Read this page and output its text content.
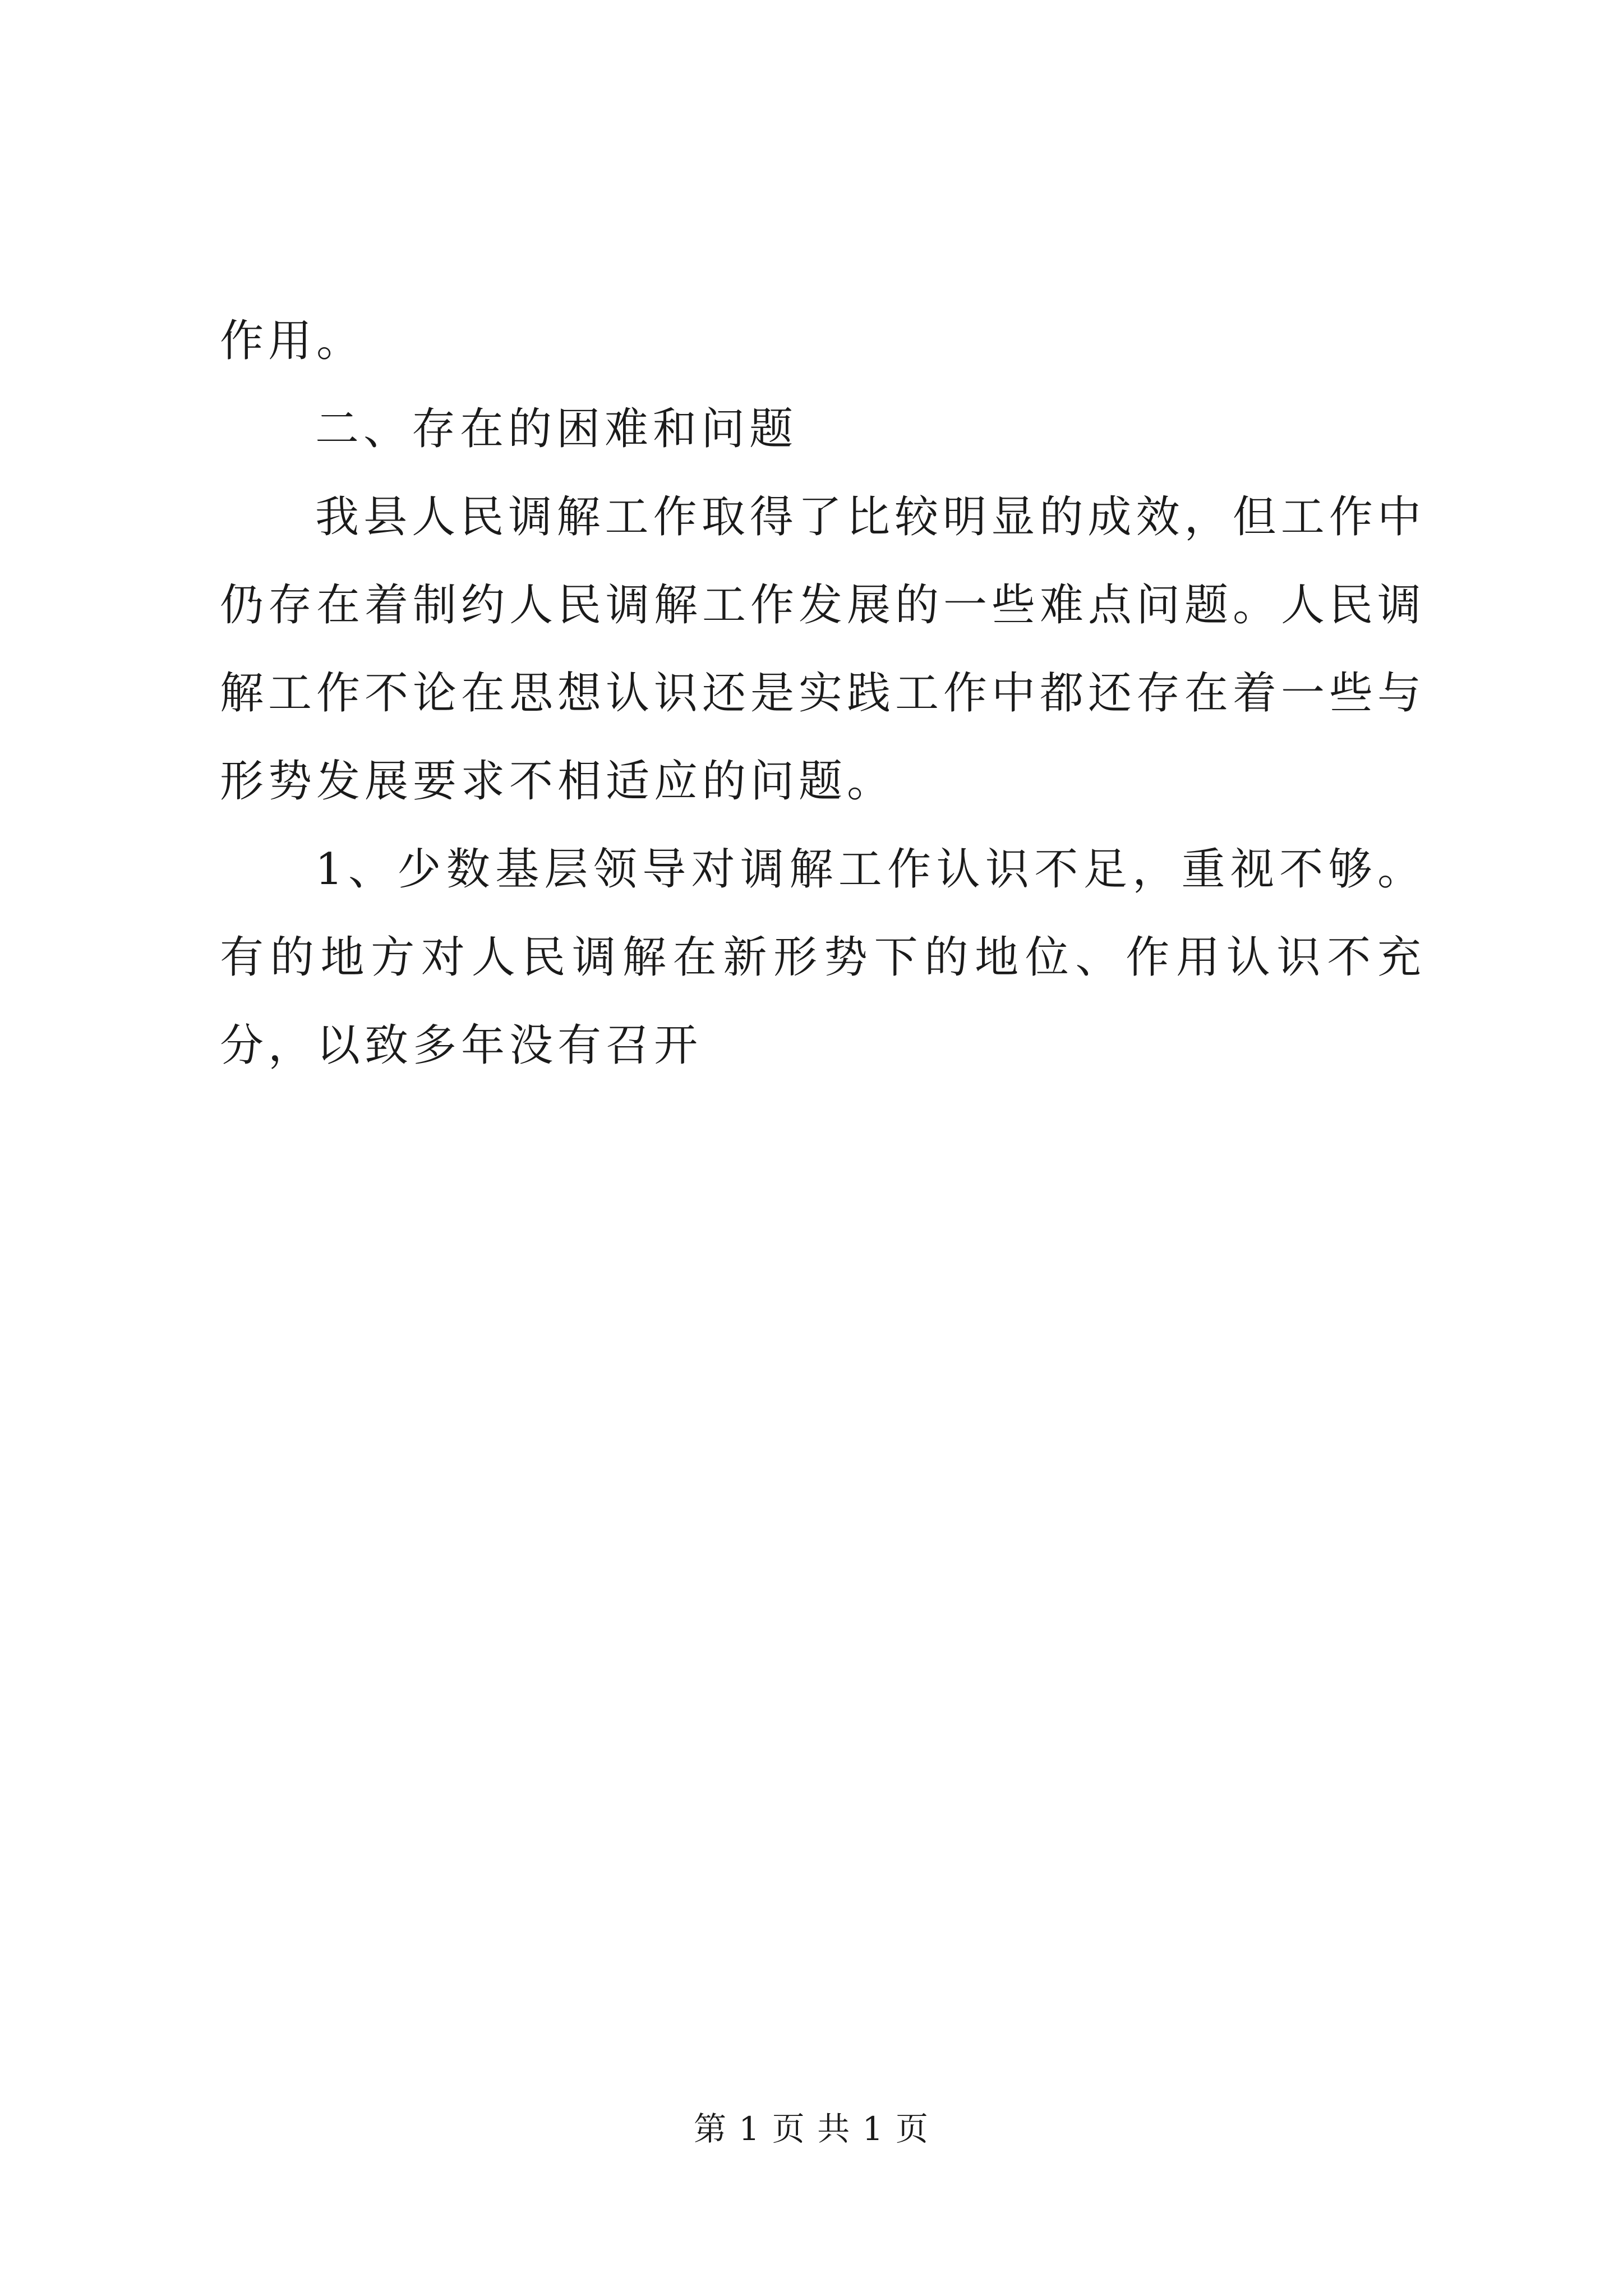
作用。

二、存在的困难和问题

我县人民调解工作取得了比较明显的成效，但工作中仍存在着制约人民调解工作发展的一些难点问题。人民调解工作不论在思想认识还是实践工作中都还存在着一些与形势发展要求不相适应的问题。

1、少数基层领导对调解工作认识不足，重视不够。有的地方对人民调解在新形势下的地位、作用认识不充分，以致多年没有召开

第 1 页 共 1 页
